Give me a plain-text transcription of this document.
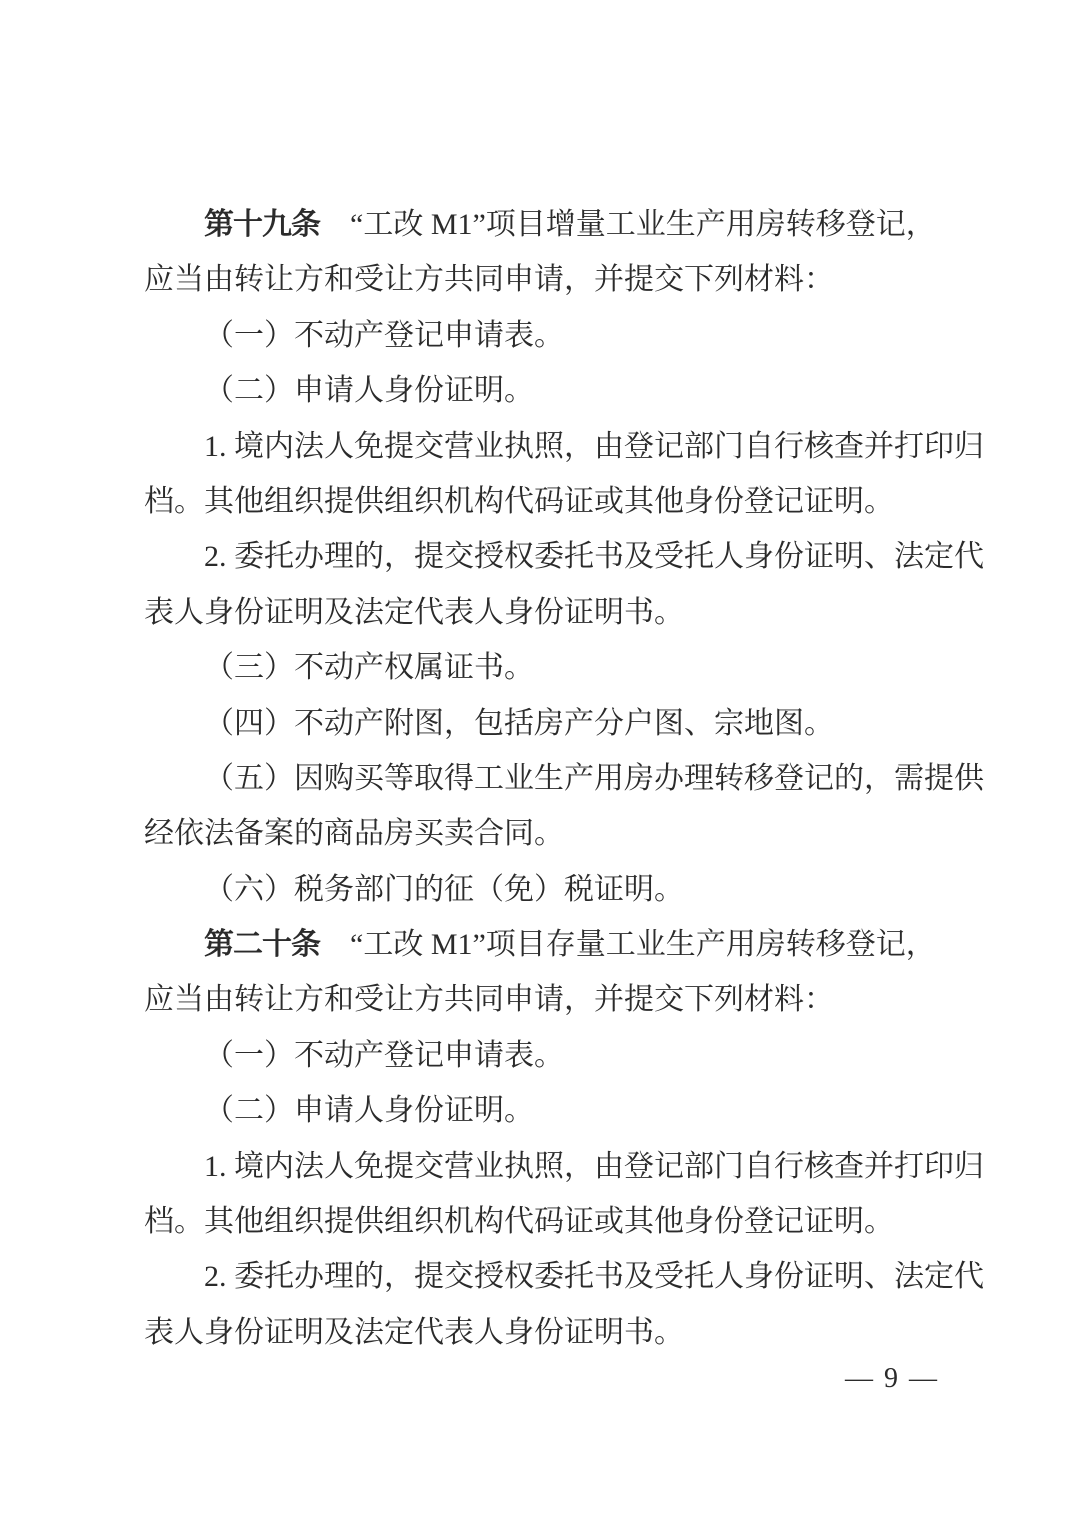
第十九条　“工改 M1”项目增量工业生产用房转移登记，
应当由转让方和受让方共同申请，并提交下列材料：
（一）不动产登记申请表。
（二）申请人身份证明。
1. 境内法人免提交营业执照，由登记部门自行核查并打印归
档。其他组织提供组织机构代码证或其他身份登记证明。
2. 委托办理的，提交授权委托书及受托人身份证明、法定代
表人身份证明及法定代表人身份证明书。
（三）不动产权属证书。
（四）不动产附图，包括房产分户图、宗地图。
（五）因购买等取得工业生产用房办理转移登记的，需提供
经依法备案的商品房买卖合同。
（六）税务部门的征（免）税证明。
第二十条　“工改 M1”项目存量工业生产用房转移登记，
应当由转让方和受让方共同申请，并提交下列材料：
（一）不动产登记申请表。
（二）申请人身份证明。
1. 境内法人免提交营业执照，由登记部门自行核查并打印归
档。其他组织提供组织机构代码证或其他身份登记证明。
2. 委托办理的，提交授权委托书及受托人身份证明、法定代
表人身份证明及法定代表人身份证明书。
— 9 —
